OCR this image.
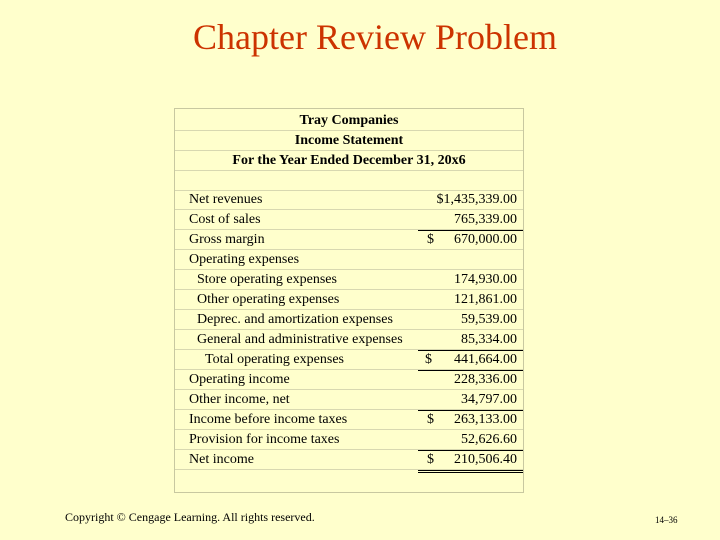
Chapter Review Problem
Tray Companies
Income Statement
For the Year Ended December 31, 20x6
Net revenues	$1,435,339.00
Cost of sales	765,339.00
Gross margin	$ 670,000.00
Operating expenses
Store operating expenses	174,930.00
Other operating expenses	121,861.00
Deprec. and amortization expenses	59,539.00
General and administrative expenses	85,334.00
Total operating expenses	$ 441,664.00
Operating income	228,336.00
Other income, net	34,797.00
Income before income taxes	$ 263,133.00
Provision for income taxes	52,626.60
Net income	$ 210,506.40
Copyright © Cengage Learning. All rights reserved.	14–36
